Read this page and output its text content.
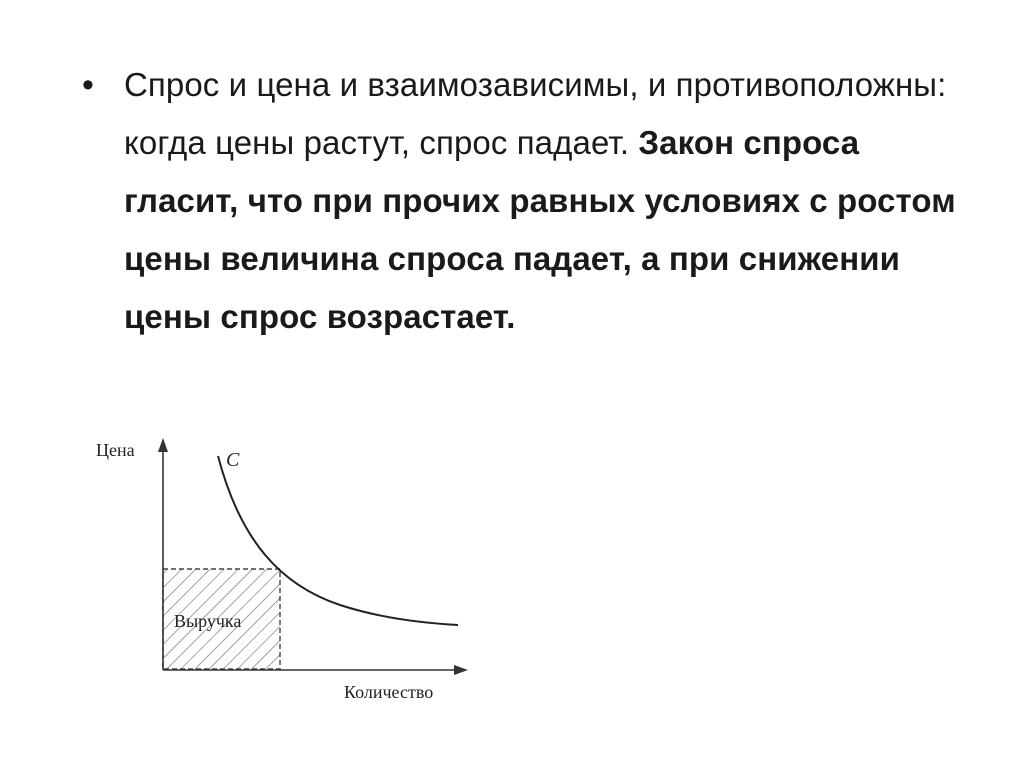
• Спрос и цена и взаимозависимы, и противоположны: когда цены растут, спрос падает. Закон спроса гласит, что при прочих равных условиях с ростом цены величина спроса падает, а при снижении цены спрос возрастает.
Выручка
С
Цена
Количество
